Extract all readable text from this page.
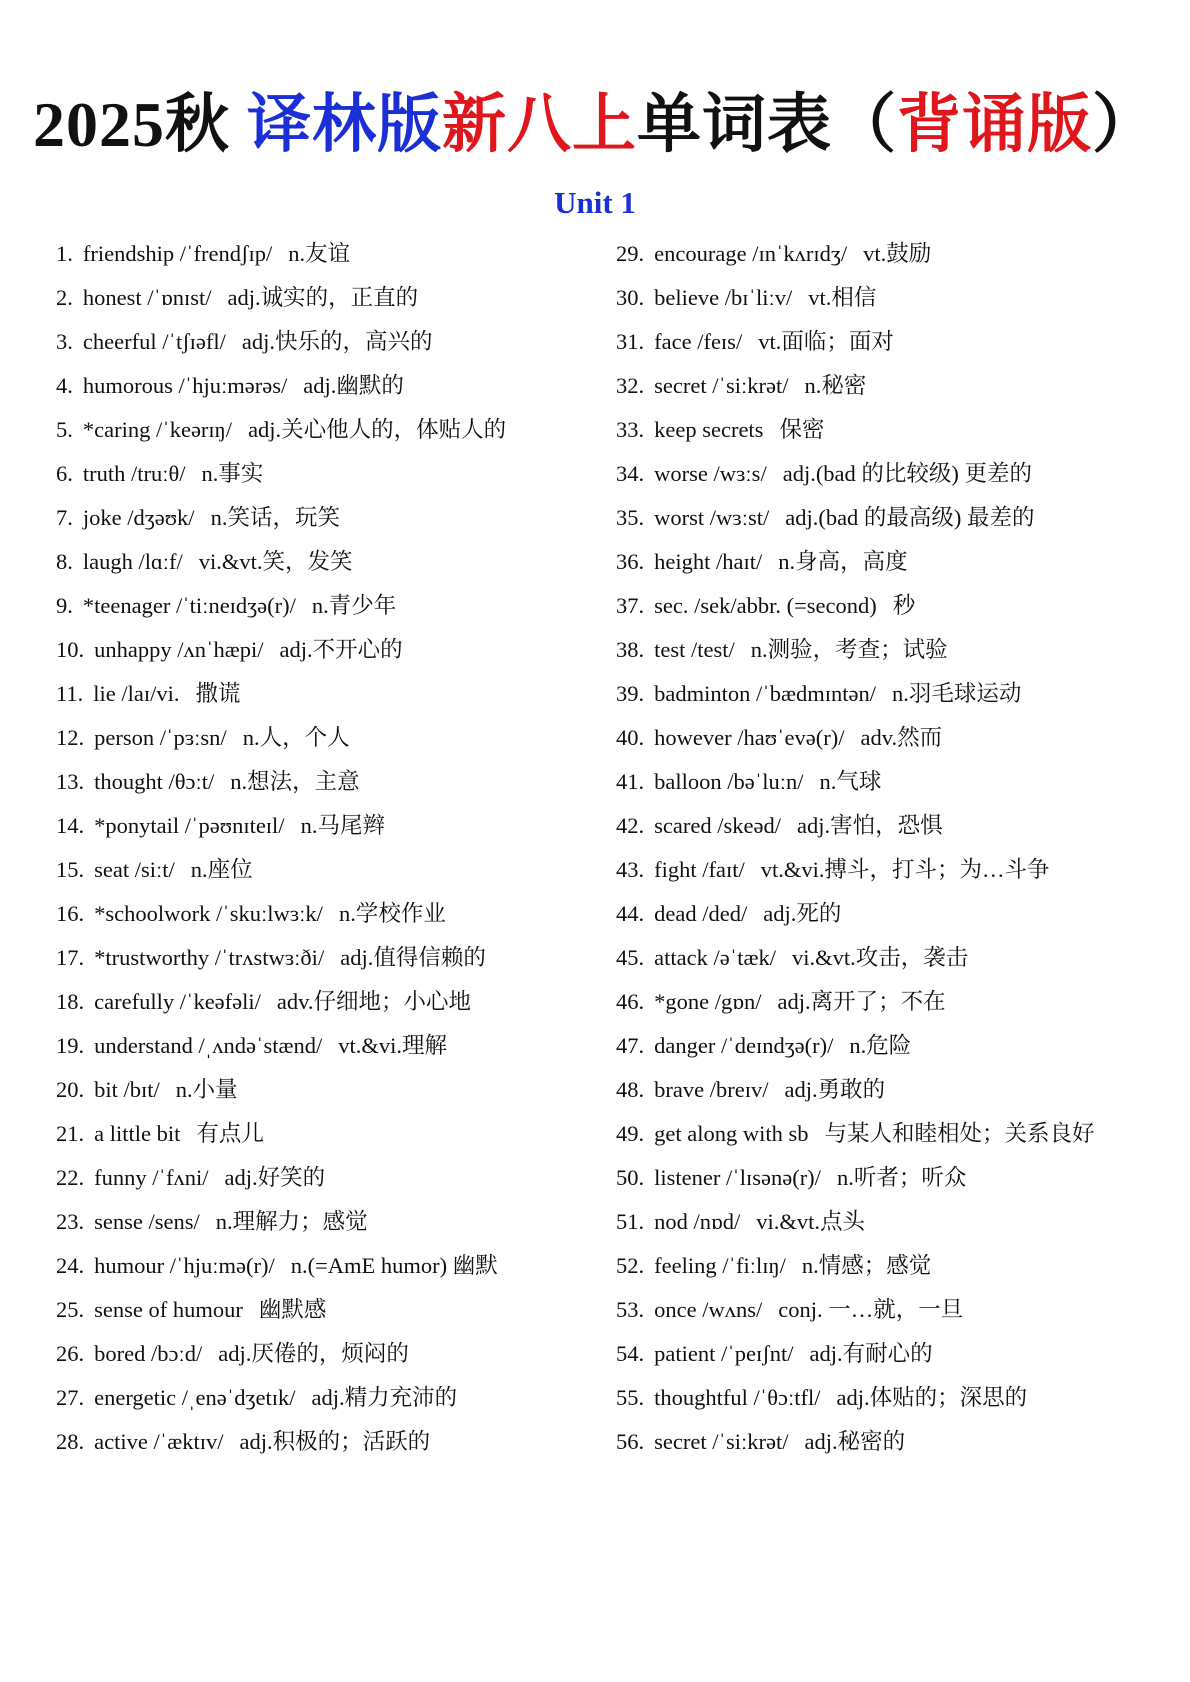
2025秋 译林版新八上单词表（背诵版）
Unit 1
1. friendship /ˈfrendʃɪp/ n.友谊
2. honest /ˈɒnɪst/ adj.诚实的，正直的
3. cheerful /ˈtʃɪəfl/ adj.快乐的，高兴的
4. humorous /ˈhjuːmərəs/ adj.幽默的
5. *caring /ˈkeərɪŋ/ adj.关心他人的，体贴人的
6. truth /truːθ/ n.事实
7. joke /dʒəʊk/ n.笑话，玩笑
8. laugh /lɑːf/ vi.&vt.笑，发笑
9. *teenager /ˈtiːneɪdʒə(r)/ n.青少年
10. unhappy /ʌnˈhæpi/ adj.不开心的
11. lie /laɪ/vi. 撒谎
12. person /ˈpɜːsn/ n.人，个人
13. thought /θɔːt/ n.想法，主意
14. *ponytail /ˈpəʊnɪteɪl/ n.马尾辫
15. seat /siːt/ n.座位
16. *schoolwork /ˈskuːlwɜːk/ n.学校作业
17. *trustworthy /ˈtrʌstwɜːði/ adj.值得信赖的
18. carefully /ˈkeəfəli/ adv.仔细地；小心地
19. understand /ˌʌndəˈstænd/ vt.&vi.理解
20. bit /bɪt/ n.小量
21. a little bit 有点儿
22. funny /ˈfʌni/ adj.好笑的
23. sense /sens/ n.理解力；感觉
24. humour /ˈhjuːmə(r)/ n.(=AmE humor) 幽默
25. sense of humour 幽默感
26. bored /bɔːd/ adj.厌倦的，烦闷的
27. energetic /ˌenəˈdʒetɪk/ adj.精力充沛的
28. active /ˈæktɪv/ adj.积极的；活跃的
29. encourage /ɪnˈkʌrɪdʒ/ vt.鼓励
30. believe /bɪˈliːv/ vt.相信
31. face /feɪs/ vt.面临；面对
32. secret /ˈsiːkrət/ n.秘密
33. keep secrets 保密
34. worse /wɜːs/ adj.(bad 的比较级) 更差的
35. worst /wɜːst/ adj.(bad 的最高级) 最差的
36. height /haɪt/ n.身高，高度
37. sec. /sek/abbr. (=second) 秒
38. test /test/ n.测验，考查；试验
39. badminton /ˈbædmɪntən/ n.羽毛球运动
40. however /haʊˈevə(r)/ adv.然而
41. balloon /bəˈluːn/ n.气球
42. scared /skeəd/ adj.害怕，恐惧
43. fight /faɪt/ vt.&vi.搏斗，打斗；为…斗争
44. dead /ded/ adj.死的
45. attack /əˈtæk/ vi.&vt.攻击，袭击
46. *gone /gɒn/ adj.离开了；不在
47. danger /ˈdeɪndʒə(r)/ n.危险
48. brave /breɪv/ adj.勇敢的
49. get along with sb 与某人和睦相处；关系良好
50. listener /ˈlɪsənə(r)/ n.听者；听众
51. nod /nɒd/ vi.&vt.点头
52. feeling /ˈfiːlɪŋ/ n.情感；感觉
53. once /wʌns/ conj. 一…就，一旦
54. patient /ˈpeɪʃnt/ adj.有耐心的
55. thoughtful /ˈθɔːtfl/ adj.体贴的；深思的
56. secret /ˈsiːkrət/ adj.秘密的
